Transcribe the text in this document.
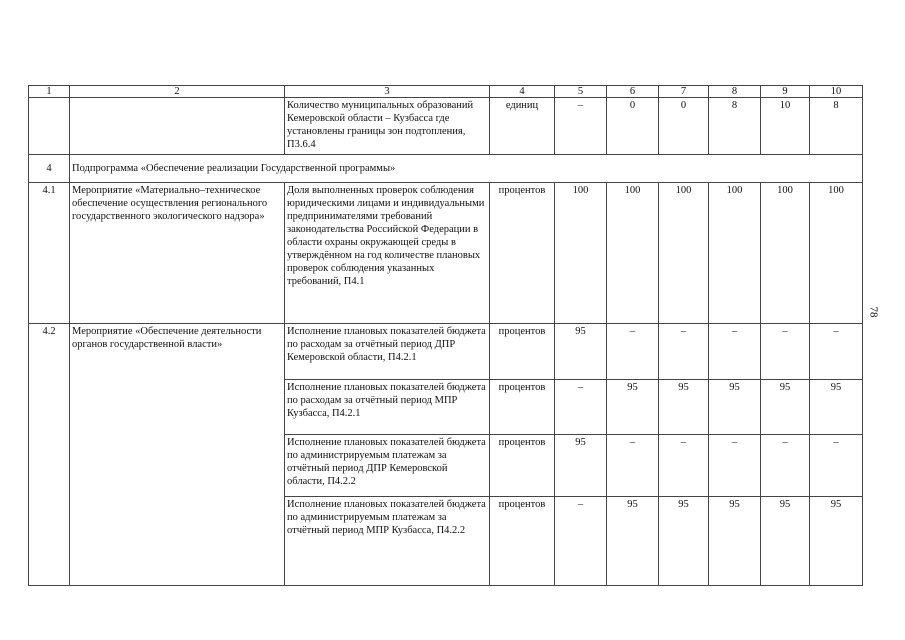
1	2	3	4	5	6	7	8	9	10
		Количество муниципальных образований Кемеровской области – Кузбасса где установлены границы зон подтопления, П3.6.4	единиц	–	0	0	8	10	8
4	Подпрограмма «Обеспечение реализации Государственной программы»								
4.1	Мероприятие «Материально–техническое обеспечение осуществления регионального государственного экологического надзора»	Доля выполненных проверок соблюдения юридическими лицами и индивидуальными предпринимателями требований законодательства Российской Федерации в области охраны окружающей среды в утверждённом на год количестве плановых проверок соблюдения указанных требований, П4.1	процентов	100	100	100	100	100	100
4.2	Мероприятие «Обеспечение деятельности органов государственной власти»	Исполнение плановых показателей бюджета по расходам за отчётный период ДПР Кемеровской области, П4.2.1	процентов	95	–	–	–	–	–
		Исполнение плановых показателей бюджета по расходам за отчётный период МПР Кузбасса, П4.2.1	процентов	–	95	95	95	95	95
		Исполнение плановых показателей бюджета по администрируемым платежам за отчётный период ДПР Кемеровской области, П4.2.2	процентов	95	–	–	–	–	–
		Исполнение плановых показателей бюджета по администрируемым платежам за отчётный период МПР Кузбасса, П4.2.2	процентов	–	95	95	95	95	95
78
